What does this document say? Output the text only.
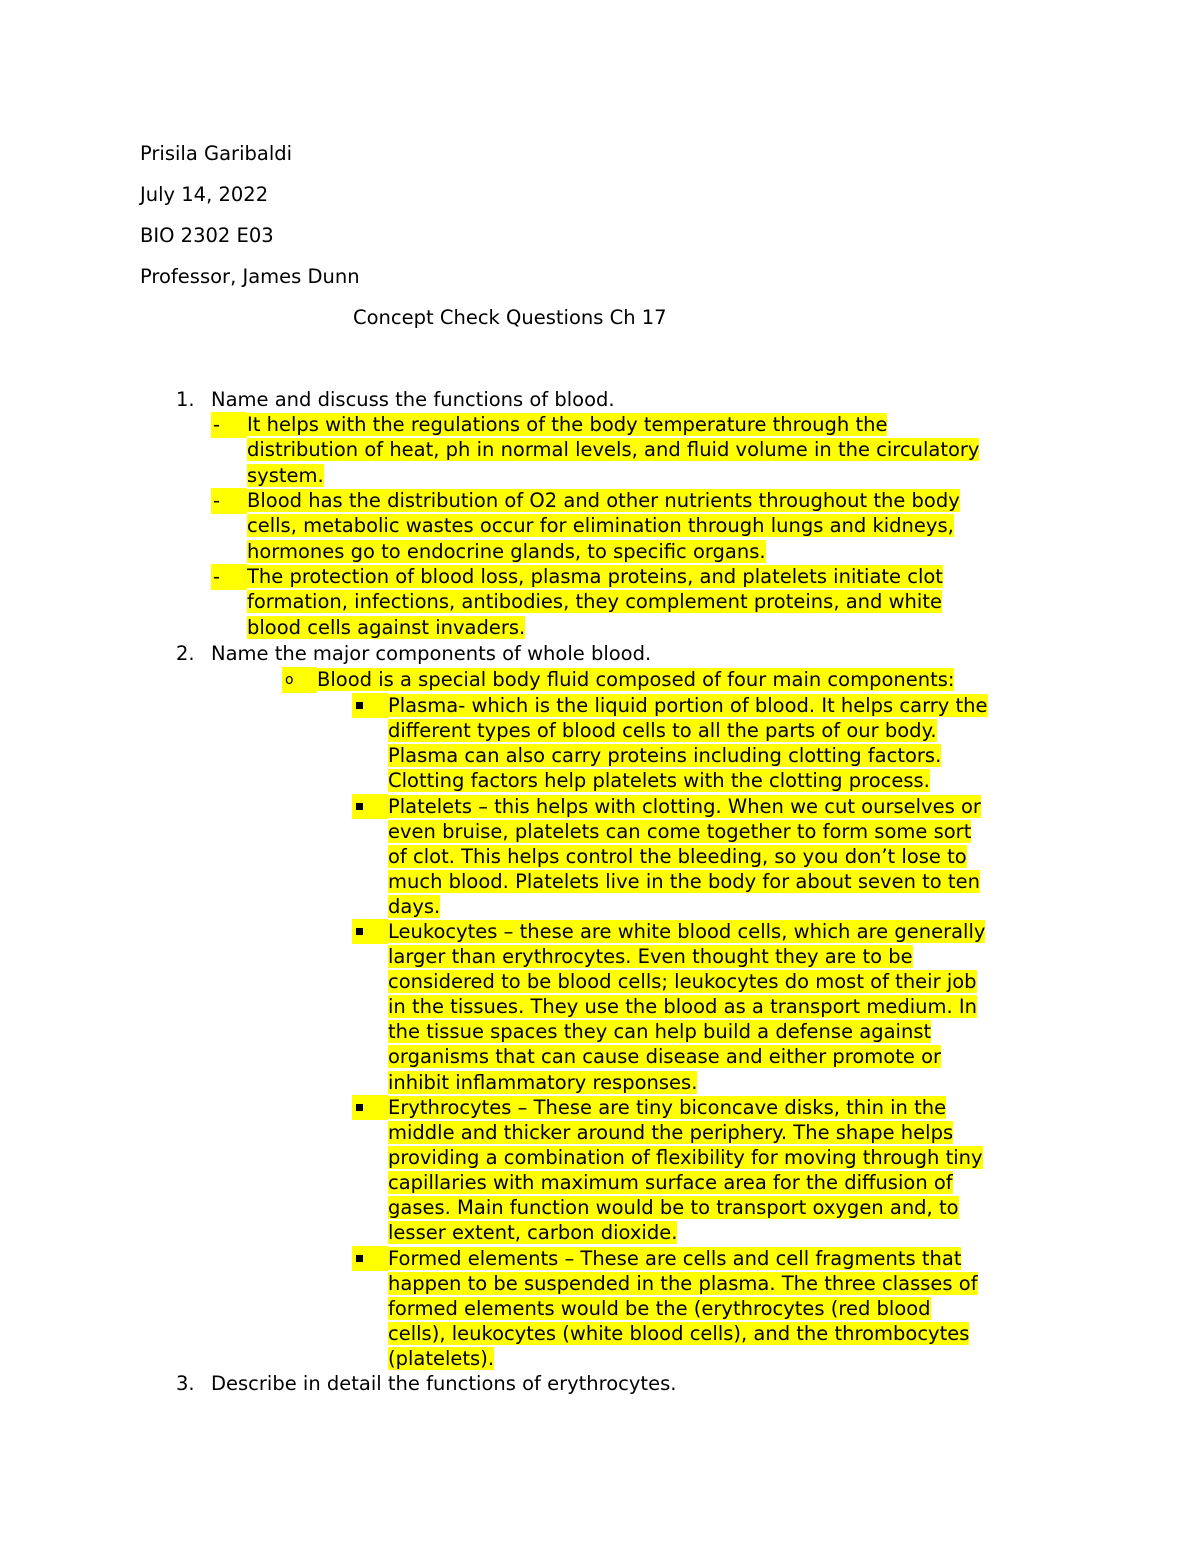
Prisila Garibaldi
July 14, 2022
BIO 2302 E03
Professor, James Dunn
Concept Check Questions Ch 17
1. Name and discuss the functions of blood.
-	It helps with the regulations of the body temperature through the
distribution of heat, ph in normal levels, and fluid volume in the circulatory
system.
-	Blood has the distribution of O2 and other nutrients throughout the body
cells, metabolic wastes occur for elimination through lungs and kidneys,
hormones go to endocrine glands, to specific organs.
-	The protection of blood loss, plasma proteins, and platelets initiate clot
formation, infections, antibodies, they complement proteins, and white
blood cells against invaders.
2. Name the major components of whole blood.
o	Blood is a special body fluid composed of four main components:
Plasma- which is the liquid portion of blood. It helps carry the
different types of blood cells to all the parts of our body.
Plasma can also carry proteins including clotting factors.
Clotting factors help platelets with the clotting process.
Platelets – this helps with clotting. When we cut ourselves or
even bruise, platelets can come together to form some sort
of clot. This helps control the bleeding, so you don’t lose to
much blood. Platelets live in the body for about seven to ten
days.
Leukocytes – these are white blood cells, which are generally
larger than erythrocytes. Even thought they are to be
considered to be blood cells; leukocytes do most of their job
in the tissues. They use the blood as a transport medium. In
the tissue spaces they can help build a defense against
organisms that can cause disease and either promote or
inhibit inflammatory responses.
Erythrocytes – These are tiny biconcave disks, thin in the
middle and thicker around the periphery. The shape helps
providing a combination of flexibility for moving through tiny
capillaries with maximum surface area for the diffusion of
gases. Main function would be to transport oxygen and, to
lesser extent, carbon dioxide.
Formed elements – These are cells and cell fragments that
happen to be suspended in the plasma. The three classes of
formed elements would be the (erythrocytes (red blood
cells), leukocytes (white blood cells), and the thrombocytes
(platelets).
3. Describe in detail the functions of erythrocytes.
